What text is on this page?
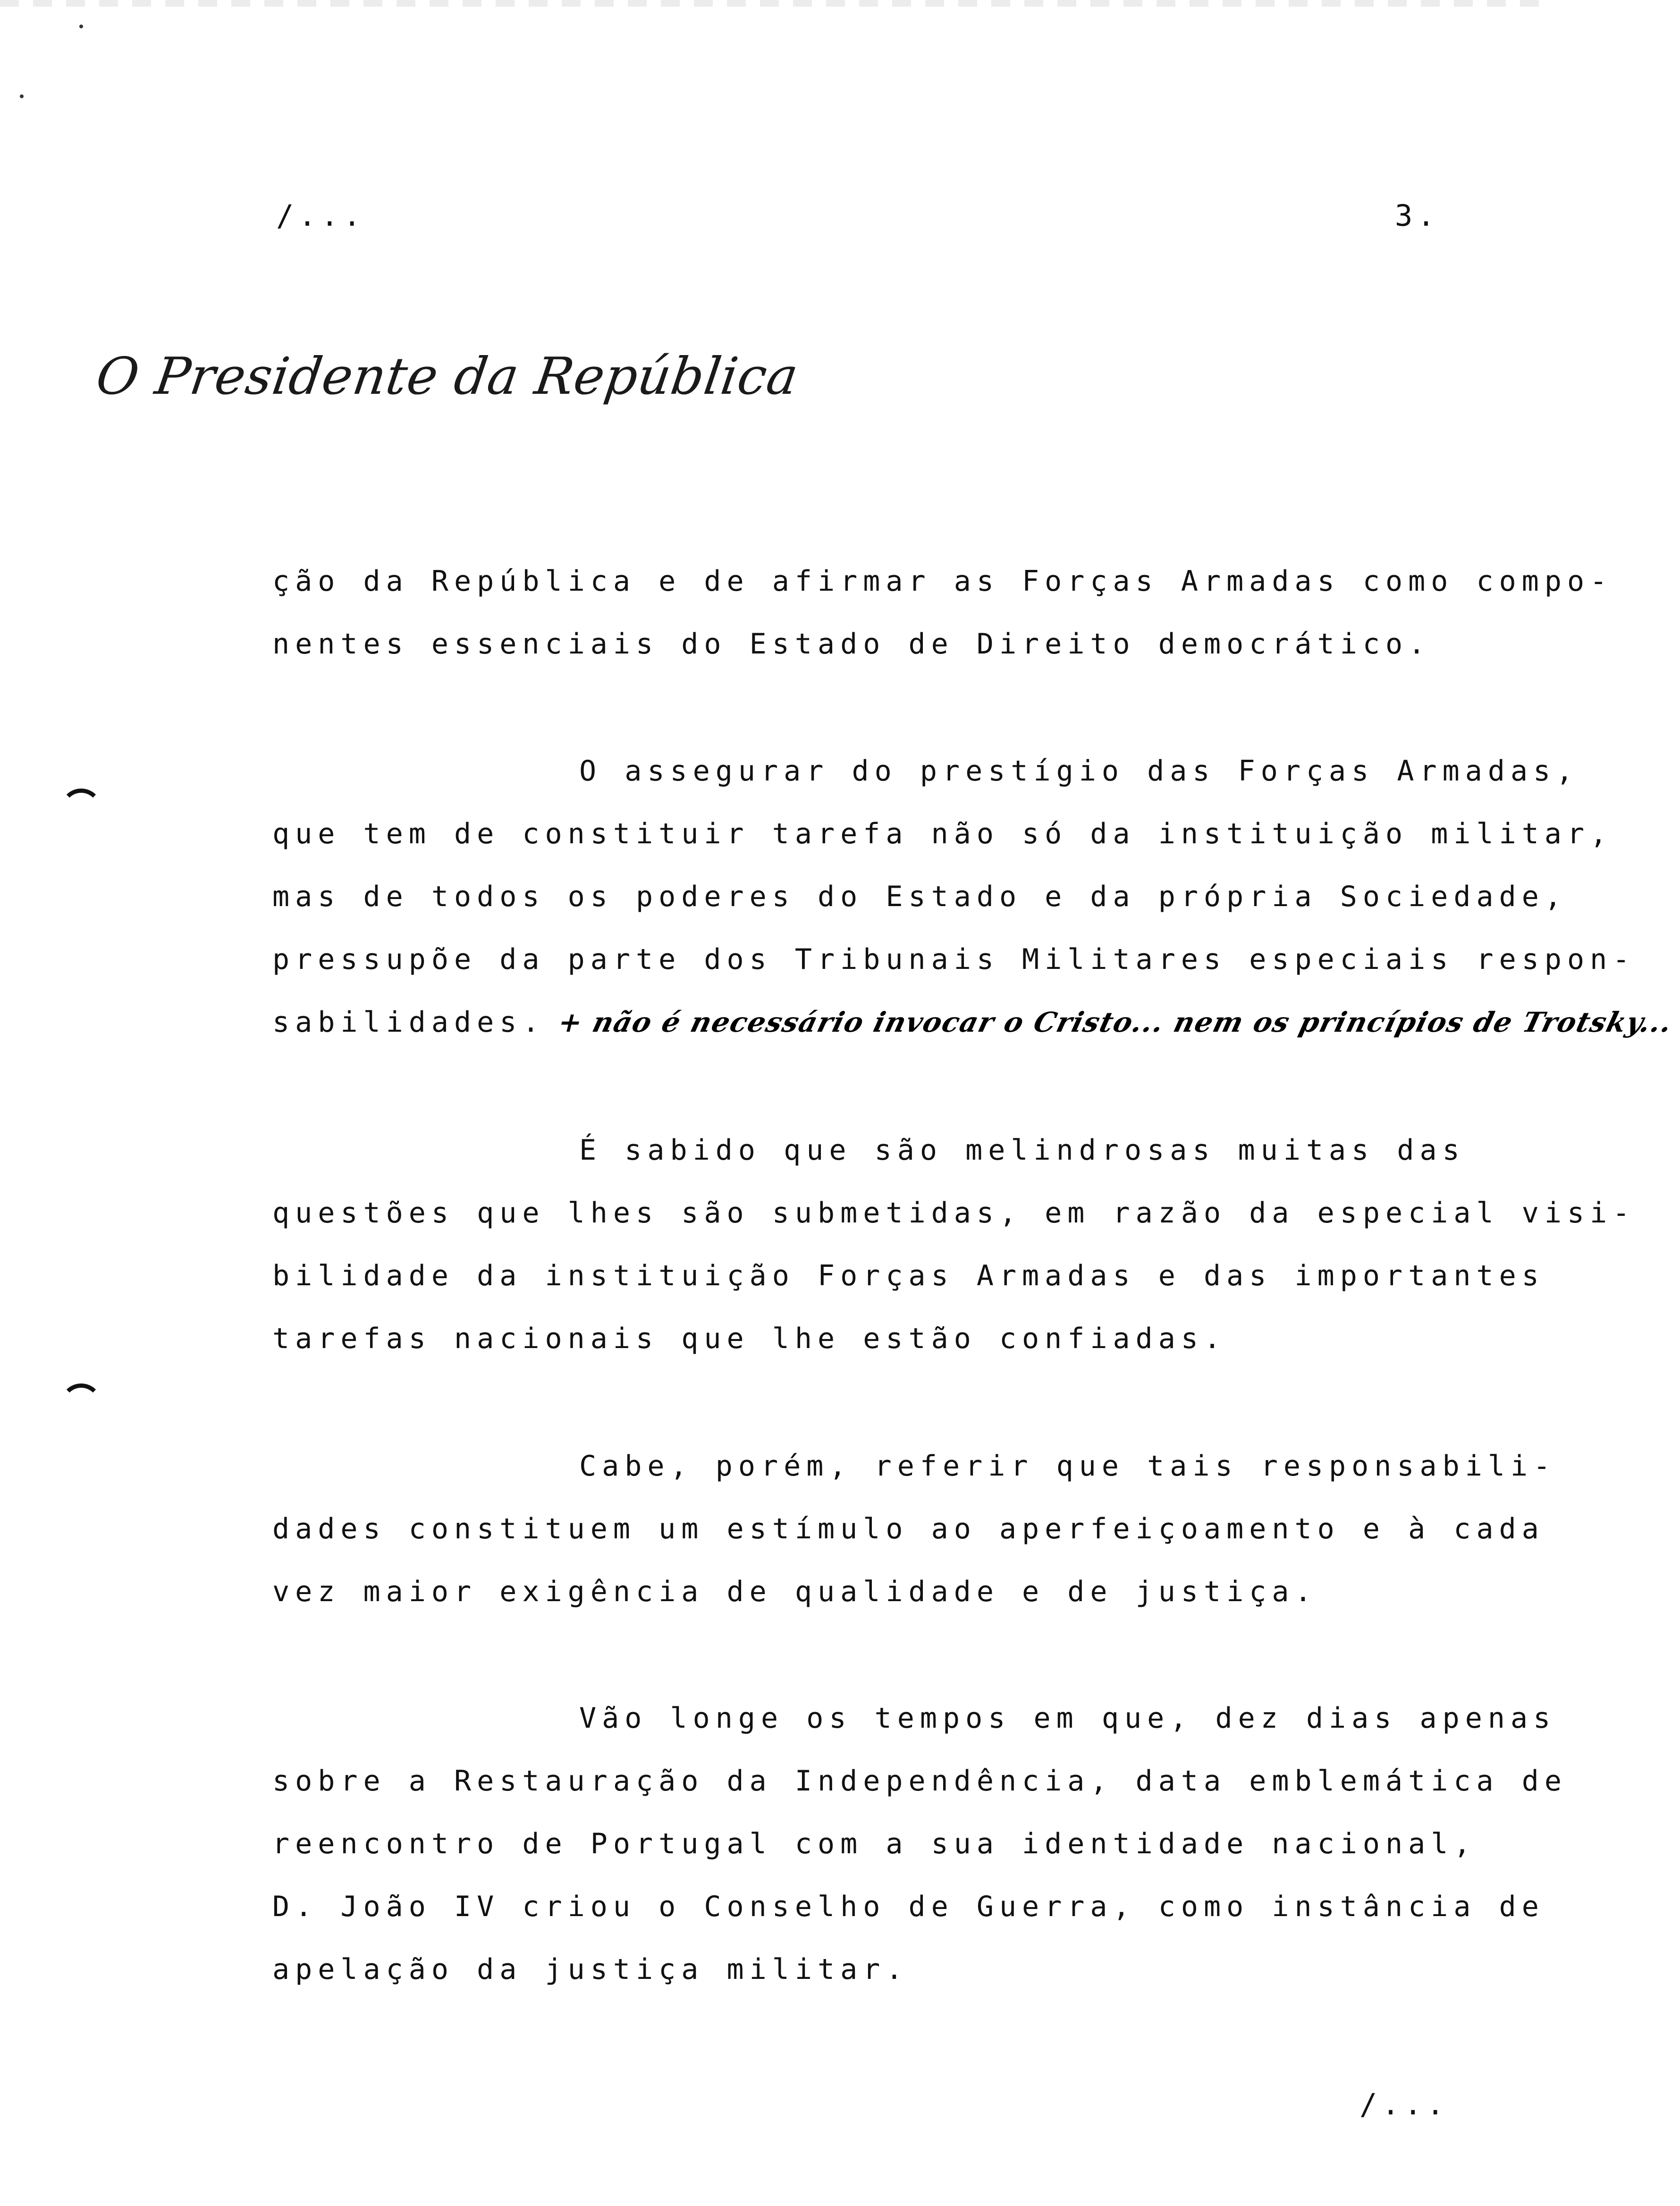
/...	3.
O Presidente da República
ção da República e de afirmar as Forças Armadas como compo-
nentes essenciais do Estado de Direito democrático.
O assegurar do prestígio das Forças Armadas,
que tem de constituir tarefa não só da instituição militar,
mas de todos os poderes do Estado e da própria Sociedade,
pressupõe da parte dos Tribunais Militares especiais respon-
sabilidades. + não é necessário invocar o Cristo... nem os princípios de Trotsky...
É sabido que são melindrosas muitas das
questões que lhes são submetidas, em razão da especial visi-
bilidade da instituição Forças Armadas e das importantes
tarefas nacionais que lhe estão confiadas.
Cabe, porém, referir que tais responsabili-
dades constituem um estímulo ao aperfeiçoamento e à cada
vez maior exigência de qualidade e de justiça.
Vão longe os tempos em que, dez dias apenas
sobre a Restauração da Independência, data emblemática de
reencontro de Portugal com a sua identidade nacional,
D. João IV criou o Conselho de Guerra, como instância de
apelação da justiça militar.
/...
